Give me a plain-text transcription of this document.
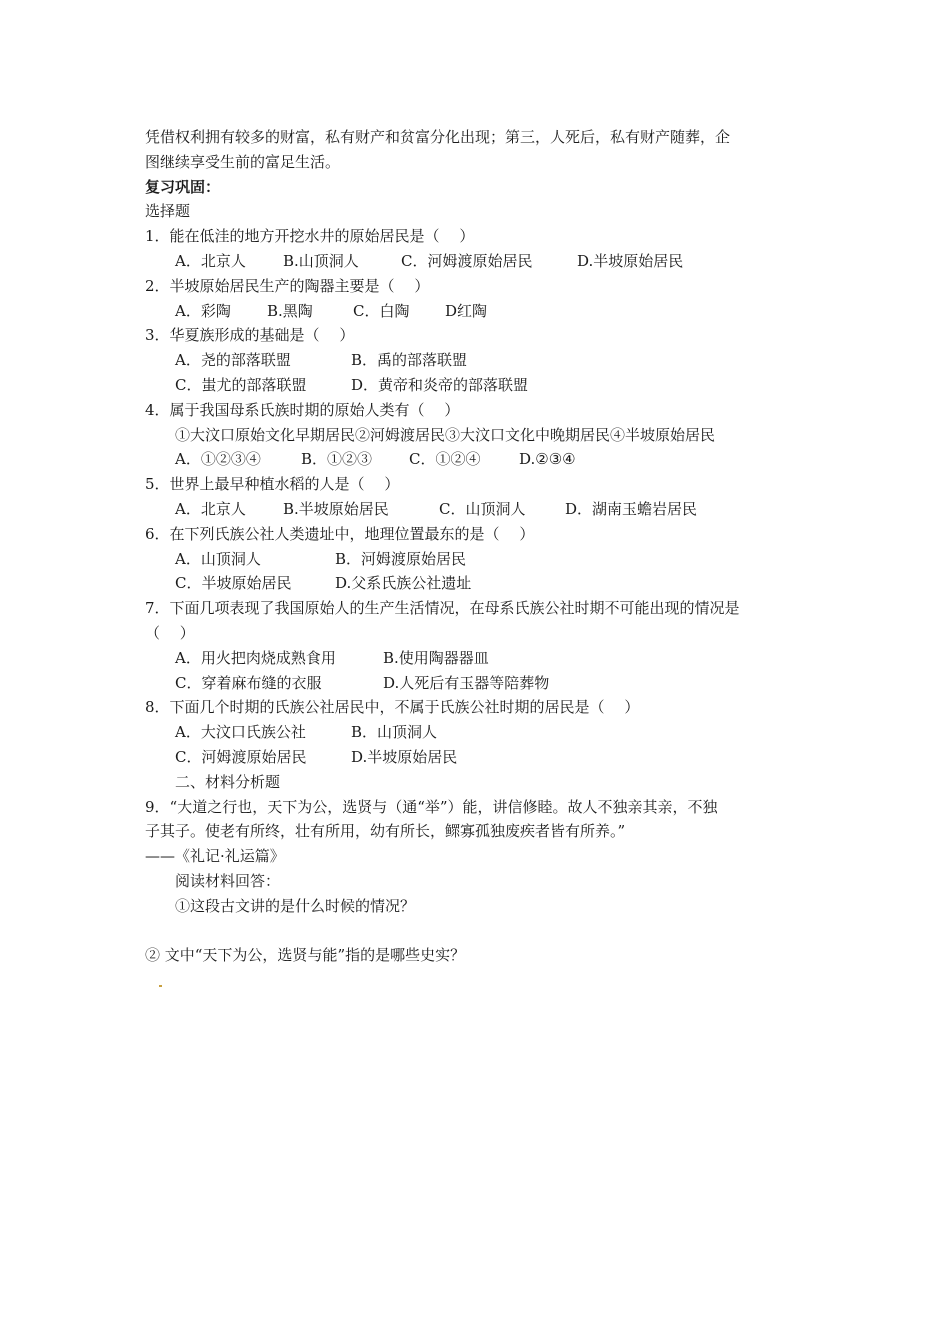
凭借权利拥有较多的财富，私有财产和贫富分化出现；第三，人死后，私有财产随葬，企
图继续享受生前的富足生活。
复习巩固：
选择题
1．能在低洼的地方开挖水井的原始居民是（　 ）
A．北京人 B.山顶洞人	C．河姆渡原始居民	D.半坡原始居民
2．半坡原始居民生产的陶器主要是（　 ）
A．彩陶 B.黑陶	C．白陶 D红陶
3．华夏族形成的基础是（　 ）
A．尧的部落联盟	B．禹的部落联盟
C．蚩尤的部落联盟	D．黄帝和炎帝的部落联盟
4．属于我国母系氏族时期的原始人类有（　 ）
①大汶口原始文化早期居民②河姆渡居民③大汶口文化中晚期居民④半坡原始居民
A．①②③④	B．①②③ C．①②④	D.②③④
5．世界上最早种植水稻的人是（　 ）
A．北京人 B.半坡原始居民	C．山顶洞人	D．湖南玉蟾岩居民
6．在下列氏族公社人类遗址中，地理位置最东的是（　 ）
A．山顶洞人	B．河姆渡原始居民
C．半坡原始居民	D.父系氏族公社遗址
7．下面几项表现了我国原始人的生产生活情况，在母系氏族公社时期不可能出现的情况是
（　 ）
A．用火把肉烧成熟食用	B.使用陶器器皿
C．穿着麻布缝的衣服	D.人死后有玉器等陪葬物
8．下面几个时期的氏族公社居民中，不属于氏族公社时期的居民是（　 ）
A．大汶口氏族公社	B．山顶洞人
C．河姆渡原始居民	D.半坡原始居民
二、材料分析题
9．“大道之行也，天下为公，选贤与（通“举”）能，讲信修睦。故人不独亲其亲，不独
子其子。使老有所终，壮有所用，幼有所长，鳏寡孤独废疾者皆有所养。”
——《礼记·礼运篇》
阅读材料回答：
①这段古文讲的是什么时候的情况？
② 文中“天下为公，选贤与能”指的是哪些史实？
